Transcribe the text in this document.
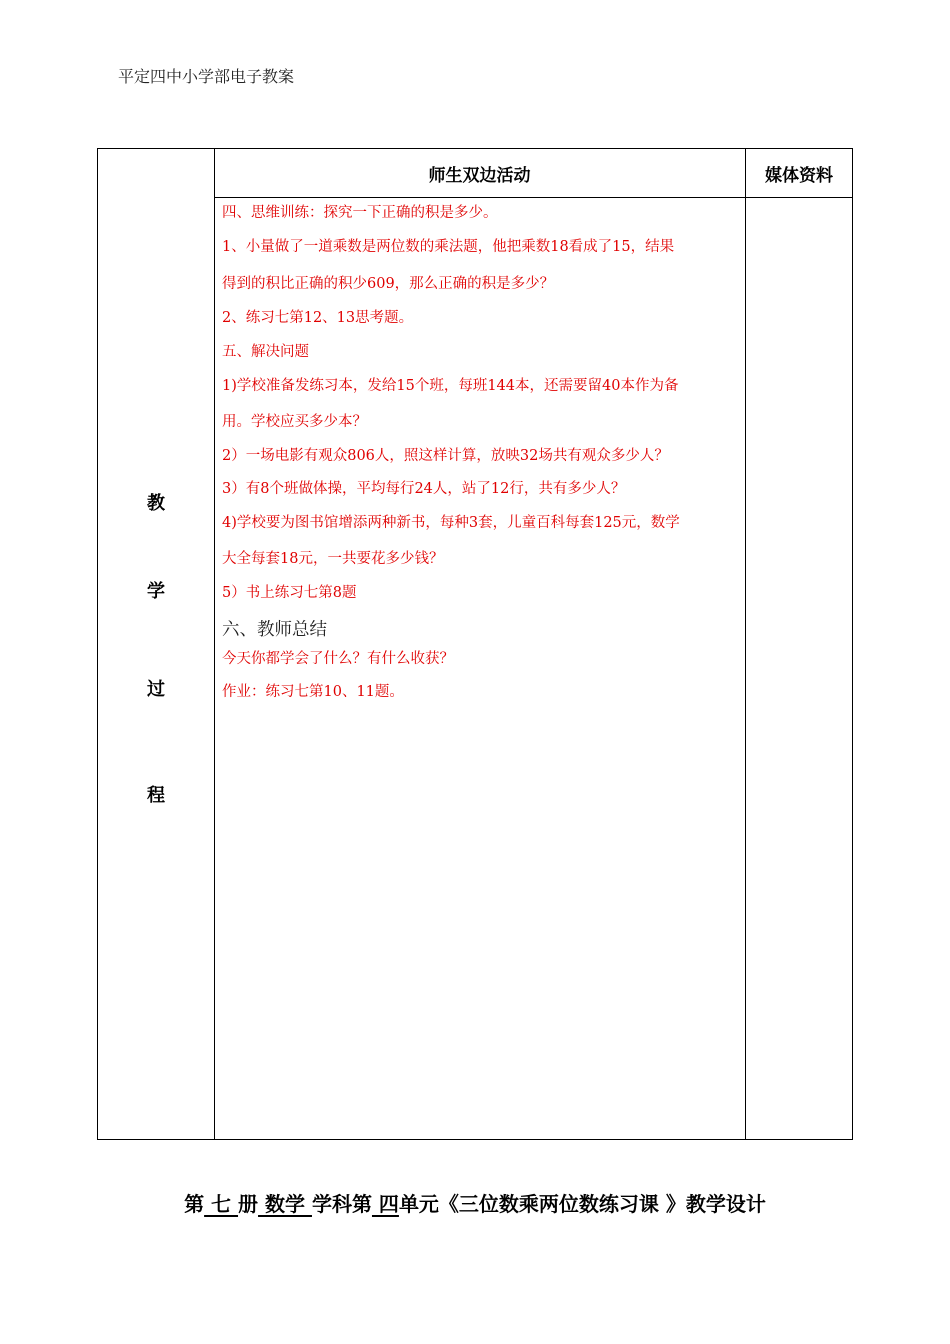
平定四中小学部电子教案
师生双边活动	媒体资料
教
学
过
程
四、思维训练：探究一下正确的积是多少。
1、小量做了一道乘数是两位数的乘法题，他把乘数18看成了15，结果
得到的积比正确的积少609，那么正确的积是多少？
2、练习七第12、13思考题。
五、解决问题
1)学校准备发练习本，发给15个班，每班144本，还需要留40本作为备
用。学校应买多少本？
2）一场电影有观众806人，照这样计算，放映32场共有观众多少人？
3）有8个班做体操，平均每行24人，站了12行，共有多少人？
4)学校要为图书馆增添两种新书，每种3套，儿童百科每套125元，数学
大全每套18元，一共要花多少钱？
5）书上练习七第8题
六、教师总结
今天你都学会了什么？有什么收获？
作业：练习七第10、11题。
第 七 册 数学 学科第 四单元《三位数乘两位数练习课 》教学设计
